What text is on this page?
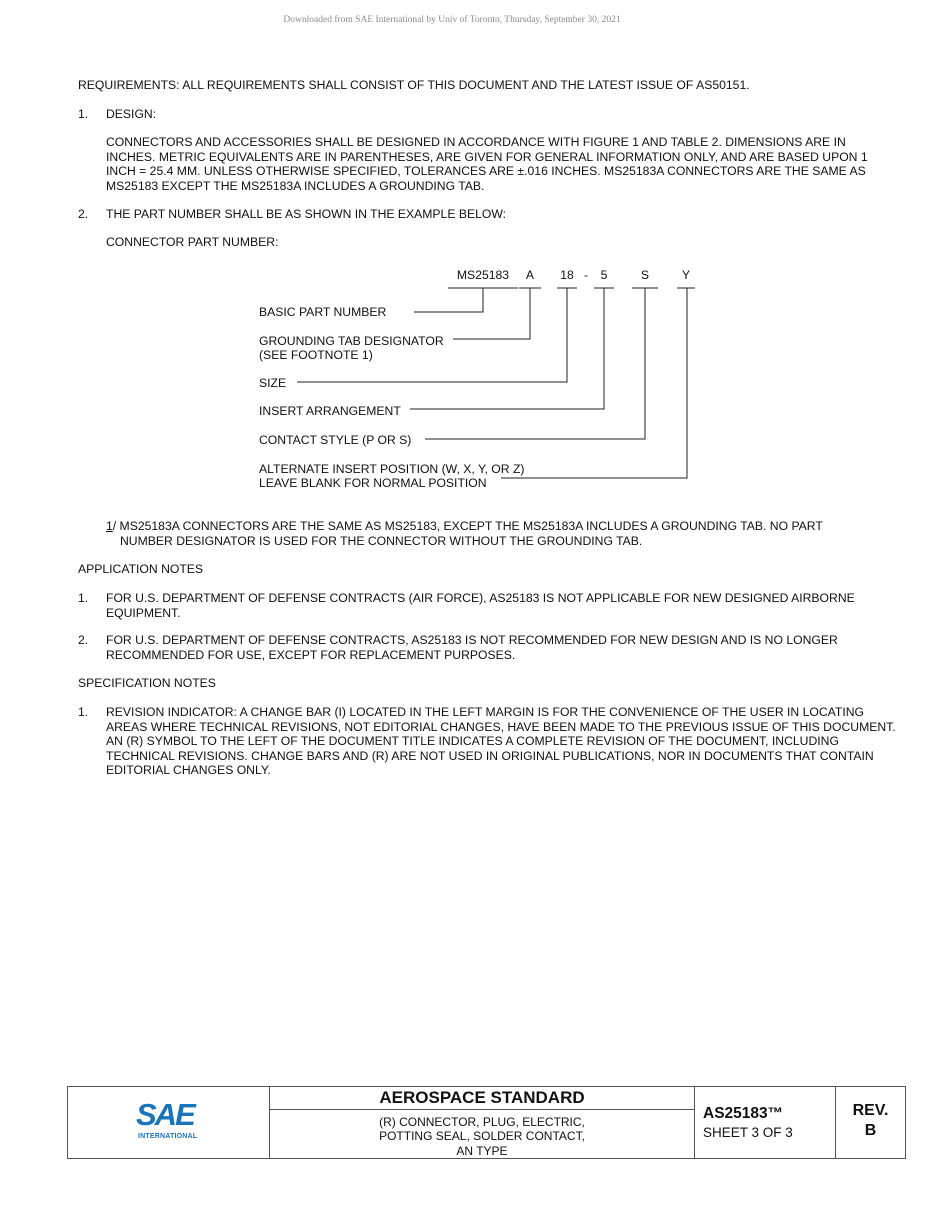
Downloaded from SAE International by Univ of Toronto, Thursday, September 30, 2021
REQUIREMENTS: ALL REQUIREMENTS SHALL CONSIST OF THIS DOCUMENT AND THE LATEST ISSUE OF AS50151.
1. DESIGN:
CONNECTORS AND ACCESSORIES SHALL BE DESIGNED IN ACCORDANCE WITH FIGURE 1 AND TABLE 2. DIMENSIONS ARE IN INCHES. METRIC EQUIVALENTS ARE IN PARENTHESES, ARE GIVEN FOR GENERAL INFORMATION ONLY, AND ARE BASED UPON 1 INCH = 25.4 MM. UNLESS OTHERWISE SPECIFIED, TOLERANCES ARE ±.016 INCHES. MS25183A CONNECTORS ARE THE SAME AS MS25183 EXCEPT THE MS25183A INCLUDES A GROUNDING TAB.
2. THE PART NUMBER SHALL BE AS SHOWN IN THE EXAMPLE BELOW:
CONNECTOR PART NUMBER:
MS25183	A	18 -	5	S	Y
BASIC PART NUMBER
GROUNDING TAB DESIGNATOR
(SEE FOOTNOTE 1)
SIZE
INSERT ARRANGEMENT
CONTACT STYLE (P OR S)
ALTERNATE INSERT POSITION (W, X, Y, OR Z)
LEAVE BLANK FOR NORMAL POSITION
1/ MS25183A CONNECTORS ARE THE SAME AS MS25183, EXCEPT THE MS25183A INCLUDES A GROUNDING TAB. NO PART
NUMBER DESIGNATOR IS USED FOR THE CONNECTOR WITHOUT THE GROUNDING TAB.
APPLICATION NOTES
1. FOR U.S. DEPARTMENT OF DEFENSE CONTRACTS (AIR FORCE), AS25183 IS NOT APPLICABLE FOR NEW DESIGNED AIRBORNE EQUIPMENT.
2. FOR U.S. DEPARTMENT OF DEFENSE CONTRACTS, AS25183 IS NOT RECOMMENDED FOR NEW DESIGN AND IS NO LONGER RECOMMENDED FOR USE, EXCEPT FOR REPLACEMENT PURPOSES.
SPECIFICATION NOTES
1. REVISION INDICATOR: A CHANGE BAR (I) LOCATED IN THE LEFT MARGIN IS FOR THE CONVENIENCE OF THE USER IN LOCATING AREAS WHERE TECHNICAL REVISIONS, NOT EDITORIAL CHANGES, HAVE BEEN MADE TO THE PREVIOUS ISSUE OF THIS DOCUMENT. AN (R) SYMBOL TO THE LEFT OF THE DOCUMENT TITLE INDICATES A COMPLETE REVISION OF THE DOCUMENT, INCLUDING TECHNICAL REVISIONS. CHANGE BARS AND (R) ARE NOT USED IN ORIGINAL PUBLICATIONS, NOR IN DOCUMENTS THAT CONTAIN EDITORIAL CHANGES ONLY.
SAE
INTERNATIONAL
AEROSPACE STANDARD
(R) CONNECTOR, PLUG, ELECTRIC,
POTTING SEAL, SOLDER CONTACT,
AN TYPE
AS25183™
SHEET 3 OF 3
REV.
B
